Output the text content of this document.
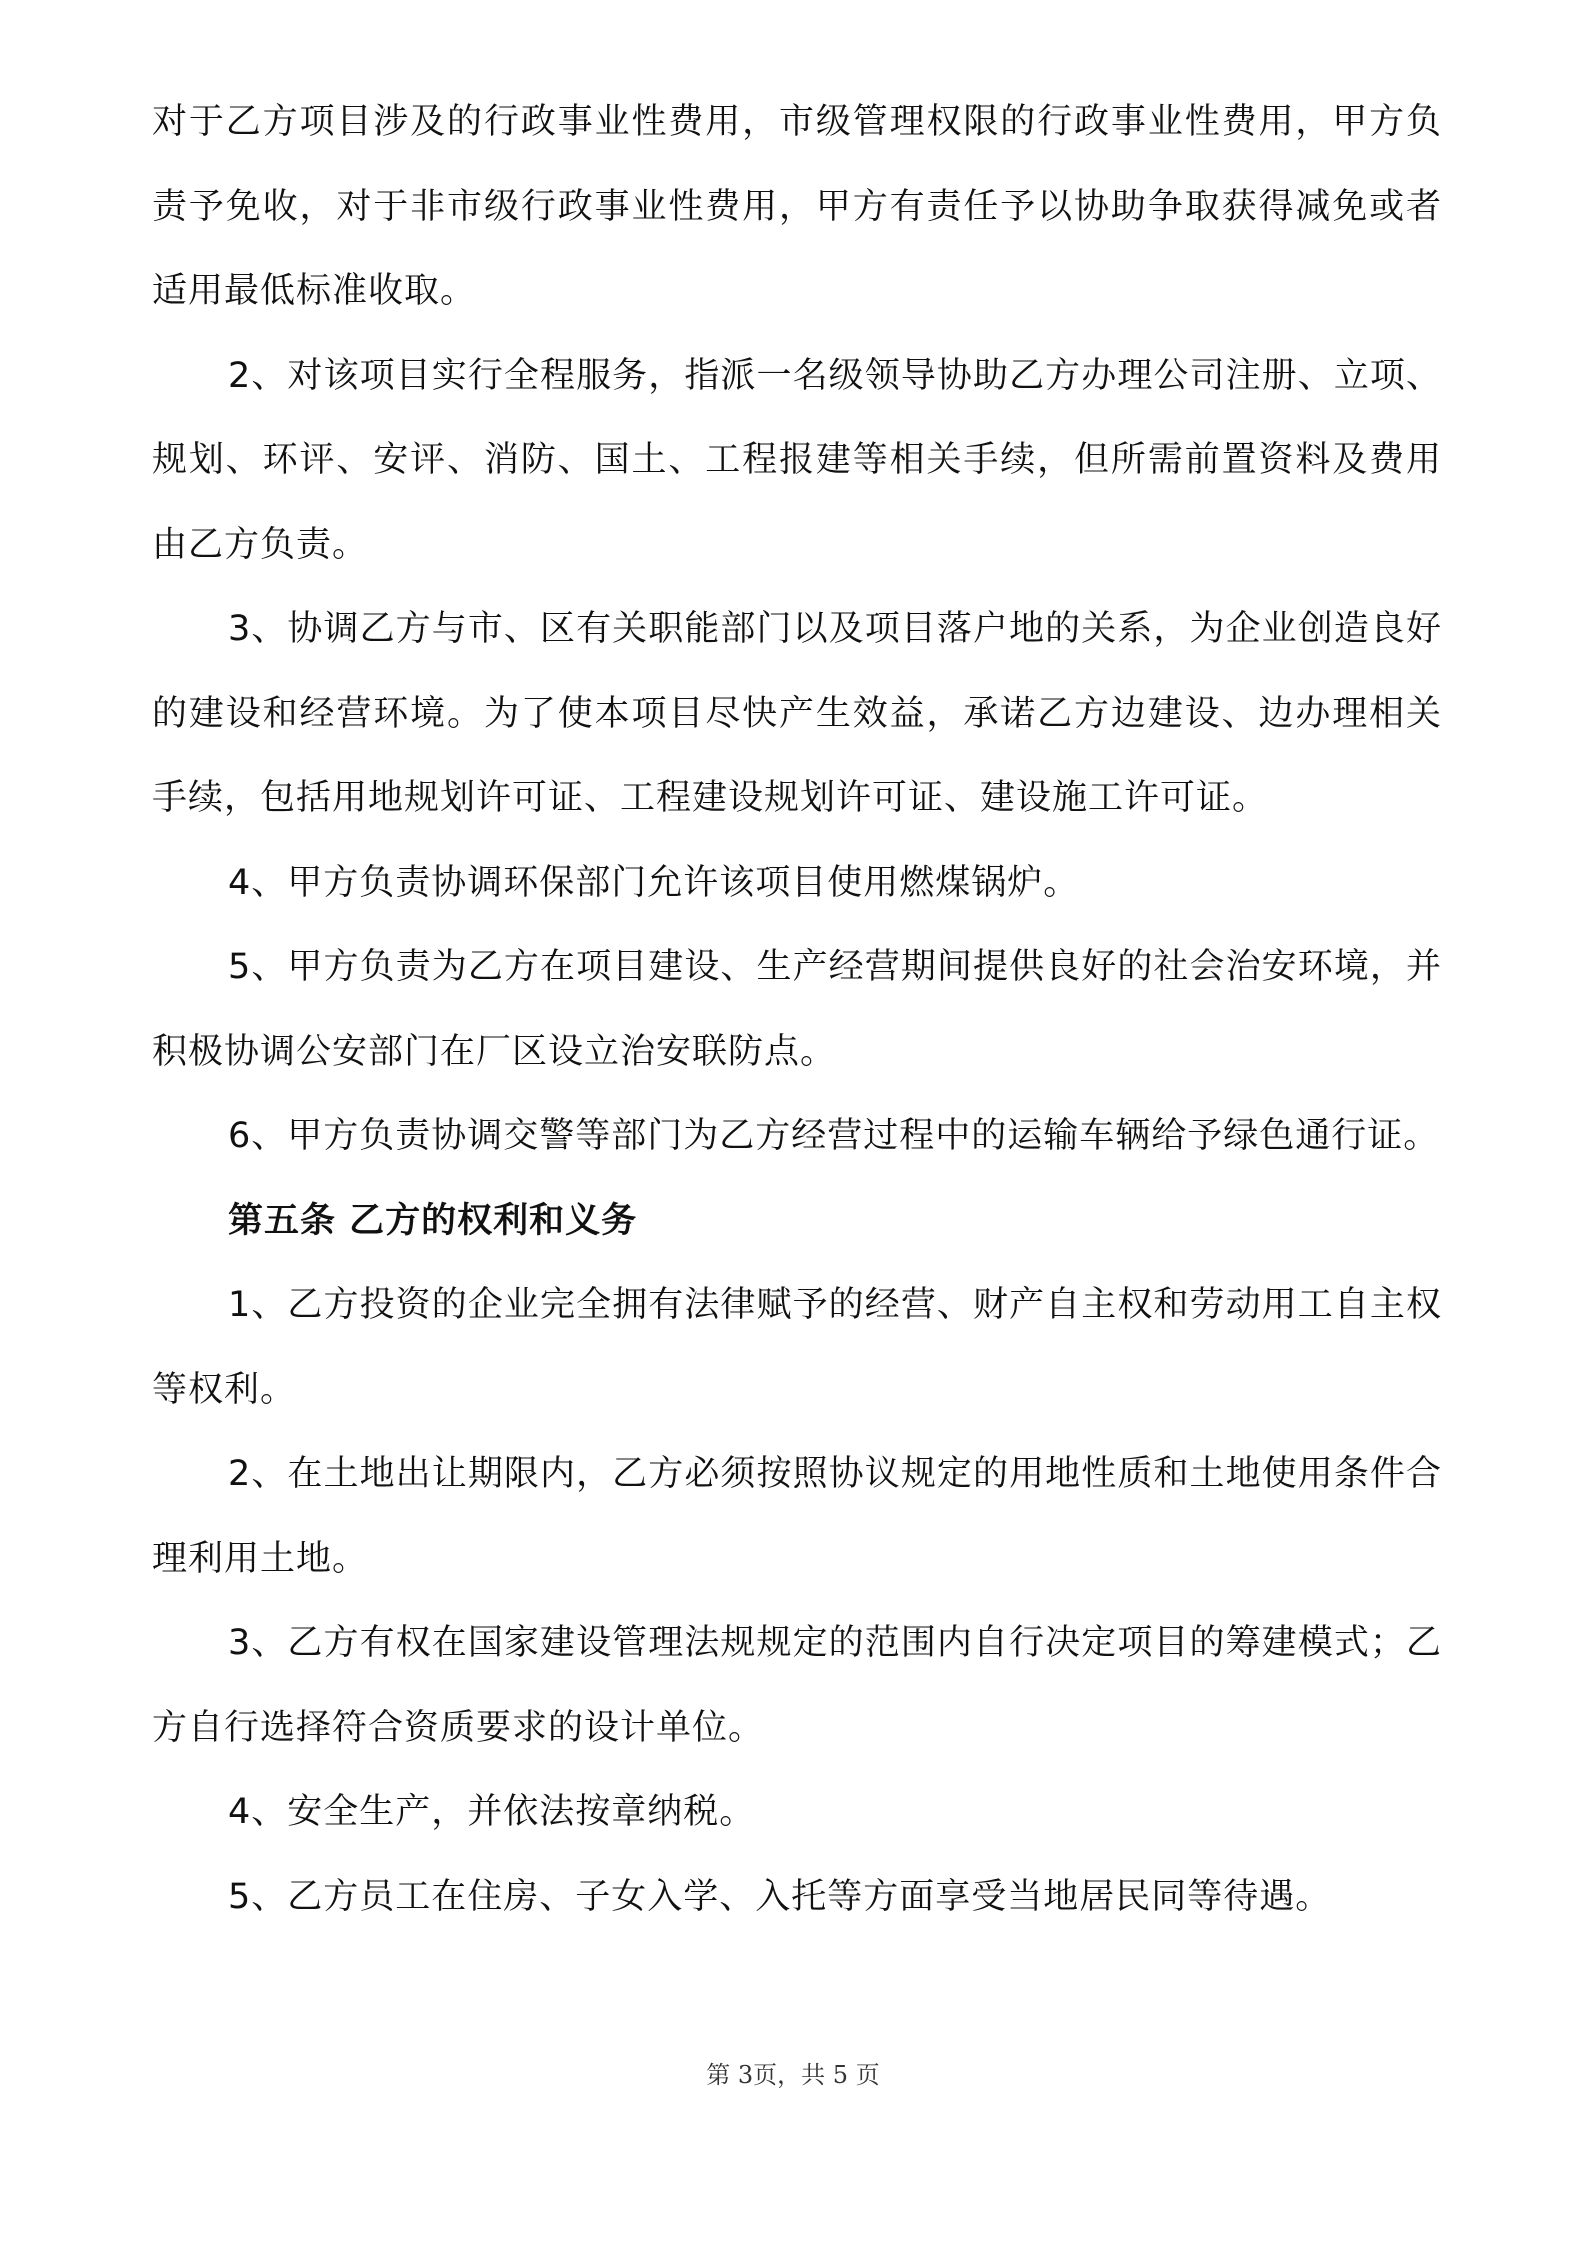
对于乙方项目涉及的行政事业性费用，市级管理权限的行政事业性费用，甲方负责予免收，对于非市级行政事业性费用，甲方有责任予以协助争取获得减免或者适用最低标准收取。

2、对该项目实行全程服务，指派一名级领导协助乙方办理公司注册、立项、规划、环评、安评、消防、国土、工程报建等相关手续，但所需前置资料及费用由乙方负责。

3、协调乙方与市、区有关职能部门以及项目落户地的关系，为企业创造良好的建设和经营环境。为了使本项目尽快产生效益，承诺乙方边建设、边办理相关手续，包括用地规划许可证、工程建设规划许可证、建设施工许可证。

4、甲方负责协调环保部门允许该项目使用燃煤锅炉。

5、甲方负责为乙方在项目建设、生产经营期间提供良好的社会治安环境，并积极协调公安部门在厂区设立治安联防点。

6、甲方负责协调交警等部门为乙方经营过程中的运输车辆给予绿色通行证。

第五条 乙方的权利和义务

1、乙方投资的企业完全拥有法律赋予的经营、财产自主权和劳动用工自主权等权利。

2、在土地出让期限内，乙方必须按照协议规定的用地性质和土地使用条件合理利用土地。

3、乙方有权在国家建设管理法规规定的范围内自行决定项目的筹建模式；乙方自行选择符合资质要求的设计单位。

4、安全生产，并依法按章纳税。

5、乙方员工在住房、子女入学、入托等方面享受当地居民同等待遇。

第 3页，共 5 页
